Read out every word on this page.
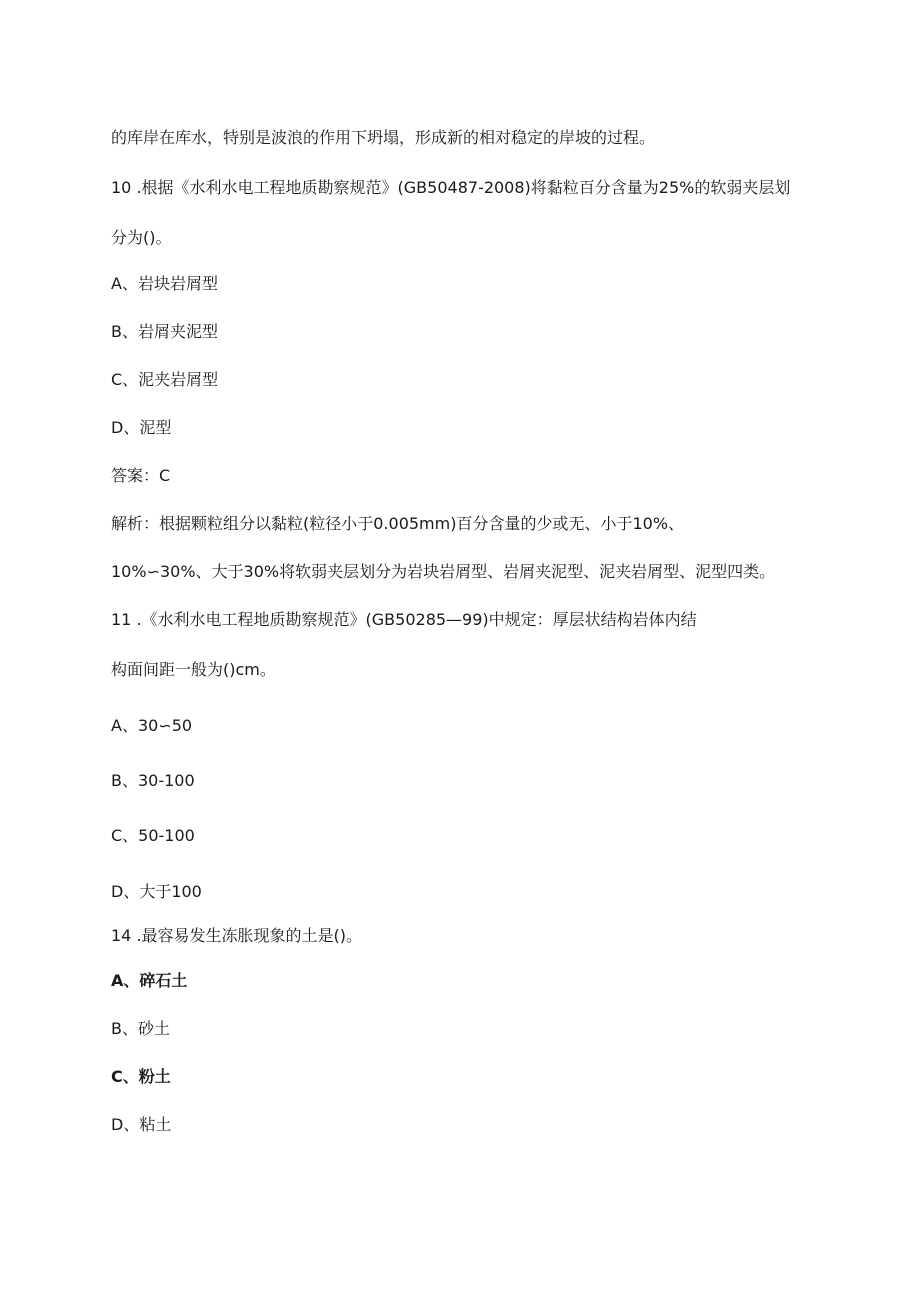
的库岸在库水，特别是波浪的作用下坍塌，形成新的相对稳定的岸坡的过程。
10 .根据《水利水电工程地质勘察规范》(GB50487-2008)将黏粒百分含量为25%的软弱夹层划
分为()。
A、岩块岩屑型
B、岩屑夹泥型
C、泥夹岩屑型
D、泥型
答案：C
解析：根据颗粒组分以黏粒(粒径小于0.005mm)百分含量的少或无、小于10%、
10%∽30%、大于30%将软弱夹层划分为岩块岩屑型、岩屑夹泥型、泥夹岩屑型、泥型四类。
11 .《水利水电工程地质勘察规范》(GB50285—99)中规定：厚层状结构岩体内结
构面间距一般为()cm。
A、30∽50
B、30-100
C、50-100
D、大于100
14 .最容易发生冻胀现象的土是()。
A、碎石土
B、砂土
C、粉土
D、粘土
